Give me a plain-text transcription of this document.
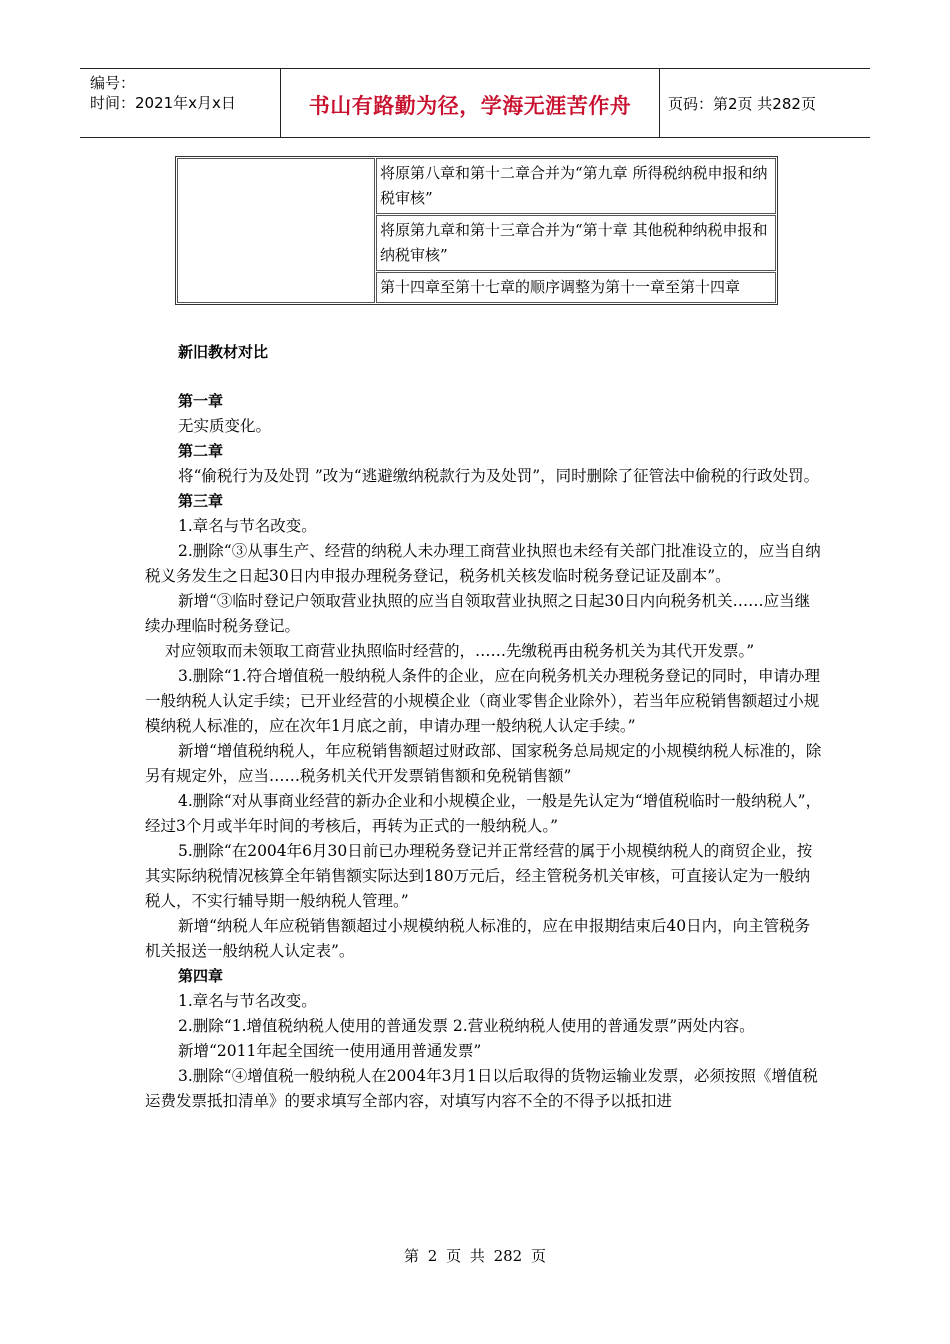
编号：
时间：2021年x月x日	书山有路勤为径，学海无涯苦作舟	页码：第2页 共282页
	将原第八章和第十二章合并为“第九章 所得税纳税申报和纳税审核”
将原第九章和第十三章合并为“第十章 其他税种纳税申报和纳税审核”
第十四章至第十七章的顺序调整为第十一章至第十四章

新旧教材对比

第一章

无实质变化。

第二章

将“偷税行为及处罚 ”改为“逃避缴纳税款行为及处罚”，同时删除了征管法中偷税的行政处罚。

第三章

1.章名与节名改变。

2.删除“③从事生产、经营的纳税人未办理工商营业执照也未经有关部门批准设立的，应当自纳税义务发生之日起30日内申报办理税务登记，税务机关核发临时税务登记证及副本”。

新增“③临时登记户领取营业执照的应当自领取营业执照之日起30日内向税务机关……应当继续办理临时税务登记。

对应领取而未领取工商营业执照临时经营的，……先缴税再由税务机关为其代开发票。”

3.删除“1.符合增值税一般纳税人条件的企业，应在向税务机关办理税务登记的同时，申请办理一般纳税人认定手续；已开业经营的小规模企业（商业零售企业除外），若当年应税销售额超过小规模纳税人标准的，应在次年1月底之前，申请办理一般纳税人认定手续。”

新增“增值税纳税人，年应税销售额超过财政部、国家税务总局规定的小规模纳税人标准的，除另有规定外，应当……税务机关代开发票销售额和免税销售额”

4.删除“对从事商业经营的新办企业和小规模企业，一般是先认定为“增值税临时一般纳税人”，经过3个月或半年时间的考核后，再转为正式的一般纳税人。”

5.删除“在2004年6月30日前已办理税务登记并正常经营的属于小规模纳税人的商贸企业，按其实际纳税情况核算全年销售额实际达到180万元后，经主管税务机关审核，可直接认定为一般纳税人，不实行辅导期一般纳税人管理。”

新增“纳税人年应税销售额超过小规模纳税人标准的，应在申报期结束后40日内，向主管税务机关报送一般纳税人认定表”。

第四章

1.章名与节名改变。

2.删除“1.增值税纳税人使用的普通发票 2.营业税纳税人使用的普通发票”两处内容。

新增“2011年起全国统一使用通用普通发票”

3.删除“④增值税一般纳税人在2004年3月1日以后取得的货物运输业发票，必须按照《增值税运费发票抵扣清单》的要求填写全部内容，对填写内容不全的不得予以抵扣进

第 2 页 共 282 页
